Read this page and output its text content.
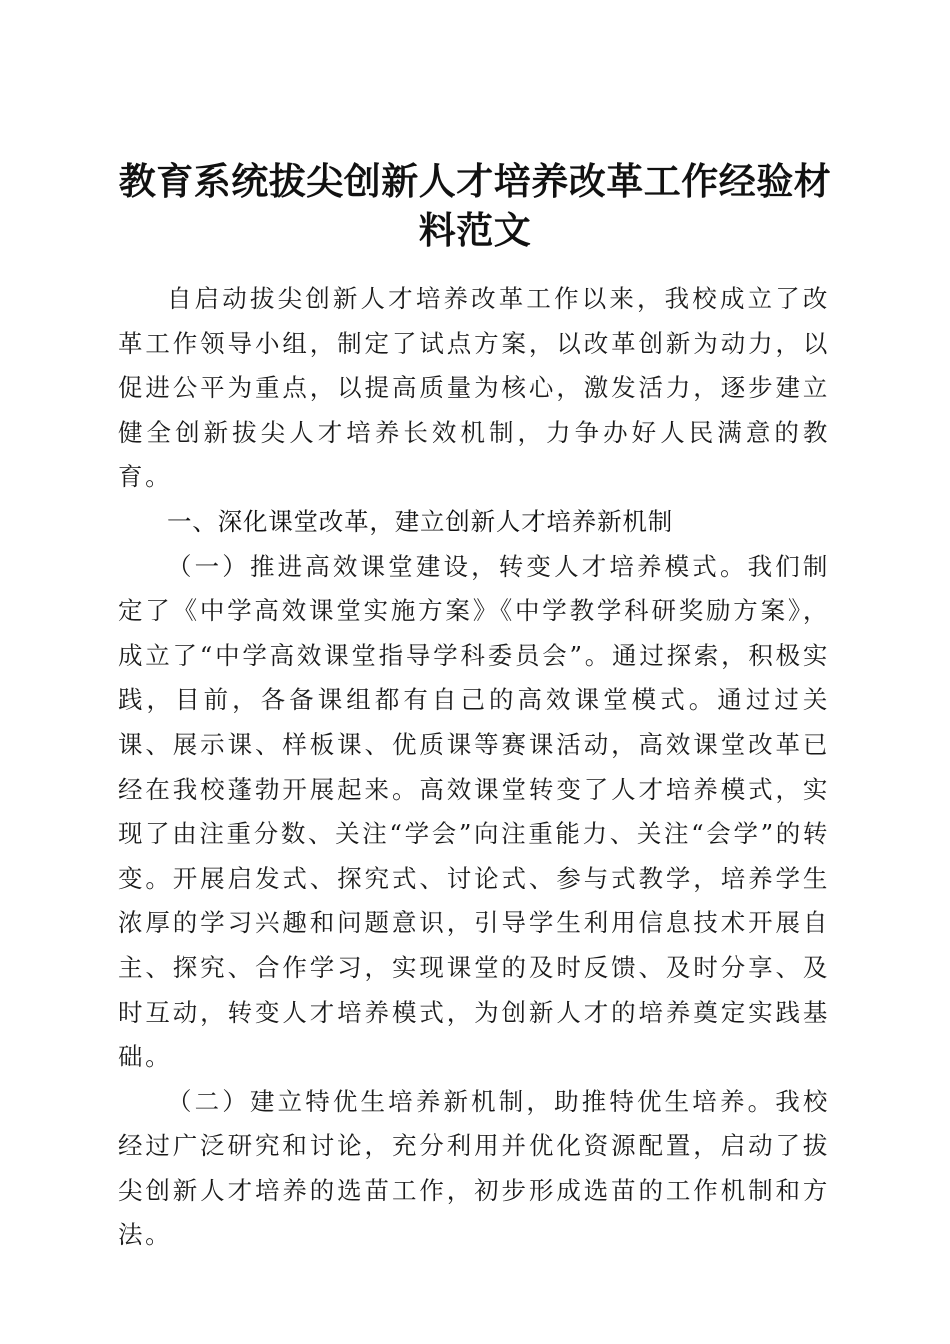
教育系统拔尖创新人才培养改革工作经验材料范文

自启动拔尖创新人才培养改革工作以来，我校成立了改革工作领导小组，制定了试点方案，以改革创新为动力，以促进公平为重点，以提高质量为核心，激发活力，逐步建立健全创新拔尖人才培养长效机制，力争办好人民满意的教育。

一、深化课堂改革，建立创新人才培养新机制

（一）推进高效课堂建设，转变人才培养模式。我们制定了《中学高效课堂实施方案》《中学教学科研奖励方案》，成立了“中学高效课堂指导学科委员会”。通过探索，积极实践，目前，各备课组都有自己的高效课堂模式。通过过关课、展示课、样板课、优质课等赛课活动，高效课堂改革已经在我校蓬勃开展起来。高效课堂转变了人才培养模式，实现了由注重分数、关注“学会”向注重能力、关注“会学”的转变。开展启发式、探究式、讨论式、参与式教学，培养学生浓厚的学习兴趣和问题意识，引导学生利用信息技术开展自主、探究、合作学习，实现课堂的及时反馈、及时分享、及时互动，转变人才培养模式，为创新人才的培养奠定实践基础。

（二）建立特优生培养新机制，助推特优生培养。我校经过广泛研究和讨论，充分利用并优化资源配置，启动了拔尖创新人才培养的选苗工作，初步形成选苗的工作机制和方法。
